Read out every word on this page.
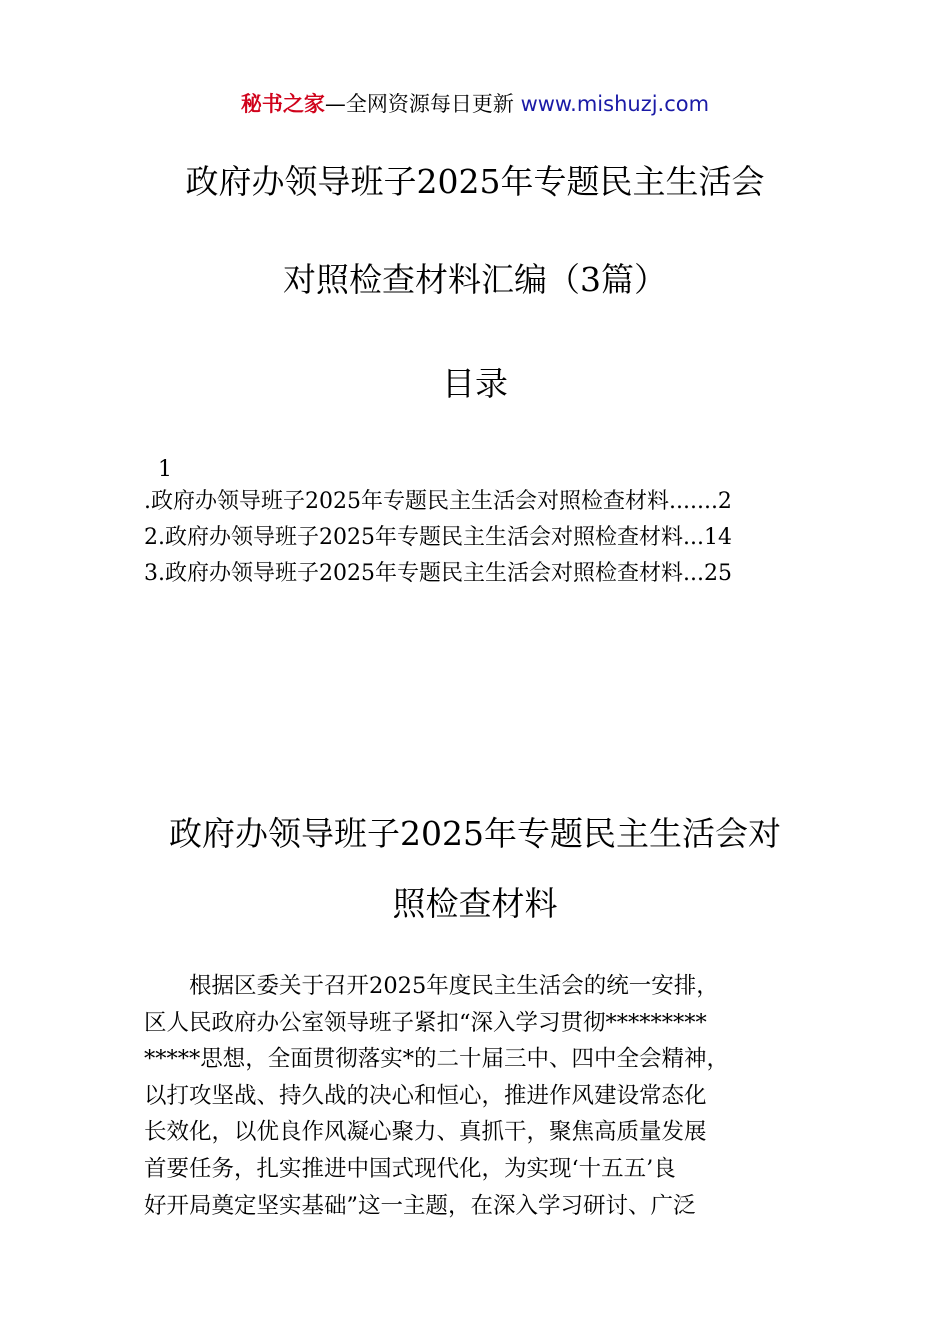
秘书之家—全网资源每日更新 www.mishuzj.com
政府办领导班子2025年专题民主生活会
对照检查材料汇编（3篇）
目录
1
.政府办领导班子2025年专题民主生活会对照检查材料.......2
2.政府办领导班子2025年专题民主生活会对照检查材料...14
3.政府办领导班子2025年专题民主生活会对照检查材料...25
政府办领导班子2025年专题民主生活会对
照检查材料

　　根据区委关于召开2025年度民主生活会的统一安排，
区人民政府办公室领导班子紧扣“深入学习贯彻*********
*****思想，全面贯彻落实*的二十届三中、四中全会精神，
以打攻坚战、持久战的决心和恒心，推进作风建设常态化
长效化，以优良作风凝心聚力、真抓干，聚焦高质量发展
首要任务，扎实推进中国式现代化，为实现‘十五五’良
好开局奠定坚实基础”这一主题，在深入学习研讨、广泛
